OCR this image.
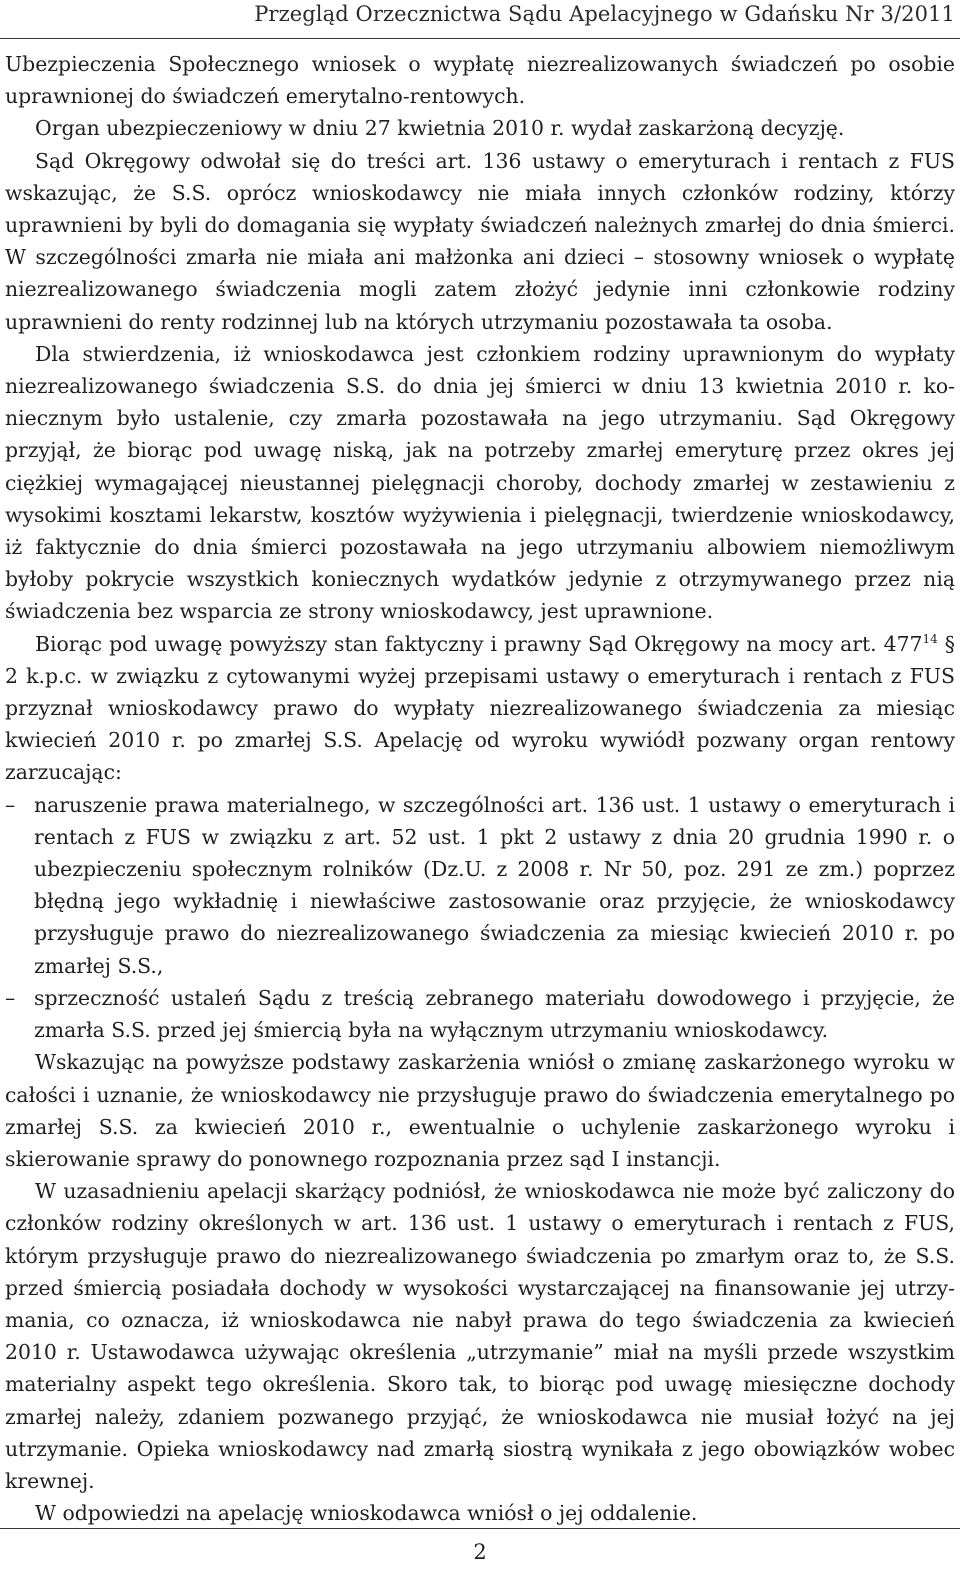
Przegląd Orzecznictwa Sądu Apelacyjnego w Gdańsku Nr 3/2011

Ubezpieczenia Społecznego wniosek o wypłatę niezrealizowanych świadczeń po osobie uprawnionej do świadczeń emerytalno-rentowych.

Organ ubezpieczeniowy w dniu 27 kwietnia 2010 r. wydał zaskarżoną decyzję.

Sąd Okręgowy odwołał się do treści art. 136 ustawy o emeryturach i rentach z FUS wskazując, że S.S. oprócz wnioskodawcy nie miała innych członków rodziny, którzy uprawnieni by byli do domagania się wypłaty świadczeń należnych zmarłej do dnia śmierci. W szczególności zmarła nie miała ani małżonka ani dzieci – stosowny wniosek o wypłatę niezrealizowanego świadczenia mogli zatem złożyć jedynie inni członkowie rodziny uprawnieni do renty rodzinnej lub na których utrzymaniu pozostawała ta osoba.

Dla stwierdzenia, iż wnioskodawca jest członkiem rodziny uprawnionym do wypłaty niezrealizowanego świadczenia S.S. do dnia jej śmierci w dniu 13 kwietnia 2010 r. koniecznym było ustalenie, czy zmarła pozostawała na jego utrzymaniu. Sąd Okręgowy przyjął, że biorąc pod uwagę niską, jak na potrzeby zmarłej emeryturę przez okres jej ciężkiej wymagającej nieustannej pielęgnacji choroby, dochody zmarłej w zestawieniu z wysokimi kosztami lekarstw, kosztów wyżywienia i pielęgnacji, twierdzenie wnioskodawcy, iż faktycznie do dnia śmierci pozostawała na jego utrzymaniu albowiem niemożliwym byłoby pokrycie wszystkich koniecznych wydatków jedynie z otrzymywanego przez nią świadczenia bez wsparcia ze strony wnioskodawcy, jest uprawnione.

Biorąc pod uwagę powyższy stan faktyczny i prawny Sąd Okręgowy na mocy art. $477^{14}$ § 2 k.p.c. w związku z cytowanymi wyżej przepisami ustawy o emeryturach i rentach z FUS przyznał wnioskodawcy prawo do wypłaty niezrealizowanego świadczenia za miesiąc kwiecień 2010 r. po zmarłej S.S. Apelację od wyroku wywiódł pozwany organ rentowy zarzucając:

– naruszenie prawa materialnego, w szczególności art. 136 ust. 1 ustawy o emeryturach i rentach z FUS w związku z art. 52 ust. 1 pkt 2 ustawy z dnia 20 grudnia 1990 r. o ubezpieczeniu społecznym rolników (Dz.U. z 2008 r. Nr 50, poz. 291 ze zm.) poprzez błędną jego wykładnię i niewłaściwe zastosowanie oraz przyjęcie, że wnioskodawcy przysługuje prawo do niezrealizowanego świadczenia za miesiąc kwiecień 2010 r. po zmarłej S.S.,

– sprzeczność ustaleń Sądu z treścią zebranego materiału dowodowego i przyjęcie, że zmarła S.S. przed jej śmiercią była na wyłącznym utrzymaniu wnioskodawcy.

Wskazując na powyższe podstawy zaskarżenia wniósł o zmianę zaskarżonego wyroku w całości i uznanie, że wnioskodawcy nie przysługuje prawo do świadczenia emerytalnego po zmarłej S.S. za kwiecień 2010 r., ewentualnie o uchylenie zaskarżonego wyroku i skierowanie sprawy do ponownego rozpoznania przez sąd I instancji.

W uzasadnieniu apelacji skarżący podniósł, że wnioskodawca nie może być zaliczony do członków rodziny określonych w art. 136 ust. 1 ustawy o emeryturach i rentach z FUS, którym przysługuje prawo do niezrealizowanego świadczenia po zmarłym oraz to, że S.S. przed śmiercią posiadała dochody w wysokości wystarczającej na finansowanie jej utrzymania, co oznacza, iż wnioskodawca nie nabył prawa do tego świadczenia za kwiecień 2010 r. Ustawodawca używając określenia „utrzymanie” miał na myśli przede wszystkim materialny aspekt tego określenia. Skoro tak, to biorąc pod uwagę miesięczne dochody zmarłej należy, zdaniem pozwanego przyjąć, że wnioskodawca nie musiał łożyć na jej utrzymanie. Opieka wnioskodawcy nad zmarłą siostrą wynikała z jego obowiązków wobec krewnej.

W odpowiedzi na apelację wnioskodawca wniósł o jej oddalenie.

2
